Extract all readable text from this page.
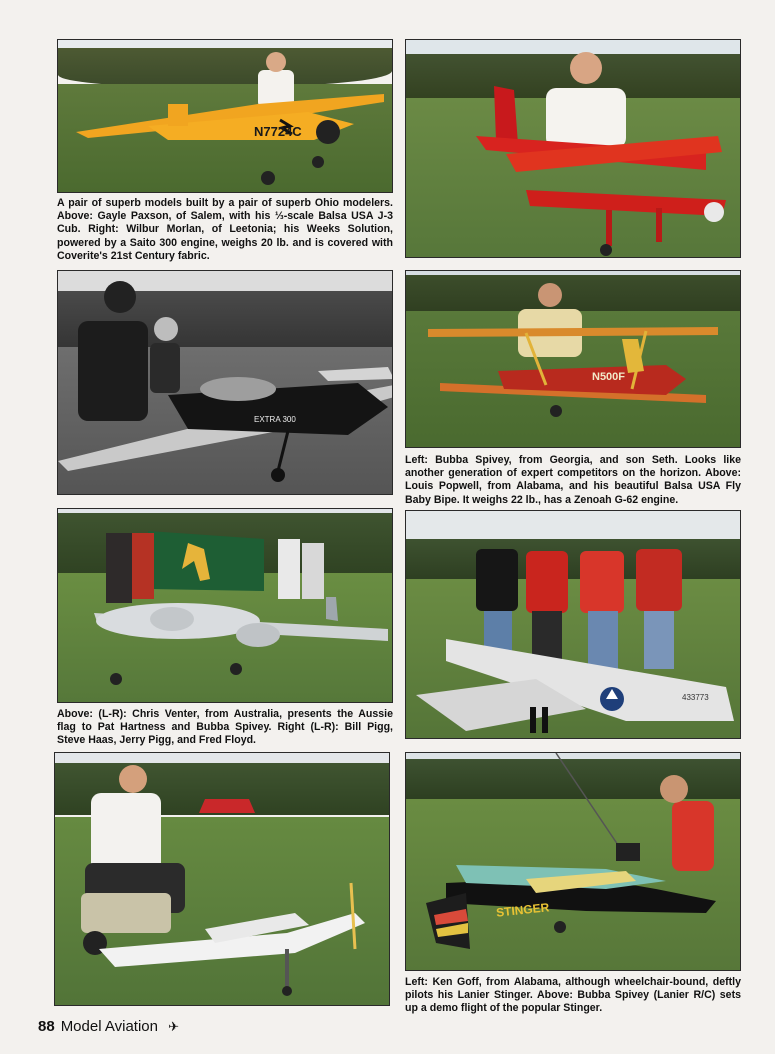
N7724C

A pair of superb models built by a pair of superb Ohio modelers. Above: Gayle Paxson, of Salem, with his ⅓-scale Balsa USA J-3 Cub. Right: Wilbur Morlan, of Leetonia; his Weeks Solution, powered by a Saito 300 engine, weighs 20 lb. and is covered with Coverite's 21st Century fabric.

EXTRA 300
N500F

Left: Bubba Spivey, from Georgia, and son Seth. Looks like another generation of expert competitors on the horizon. Above: Louis Popwell, from Alabama, and his beautiful Balsa USA Fly Baby Bipe. It weighs 22 lb., has a Zenoah G-62 engine.

Above: (L-R): Chris Venter, from Australia, presents the Aussie flag to Pat Hartness and Bubba Spivey. Right (L-R): Bill Pigg, Steve Haas, Jerry Pigg, and Fred Floyd.

433773
STINGER

Left: Ken Goff, from Alabama, although wheelchair-bound, deftly pilots his Lanier Stinger. Above: Bubba Spivey (Lanier R/C) sets up a demo flight of the popular Stinger.

88 Model Aviation ✈
